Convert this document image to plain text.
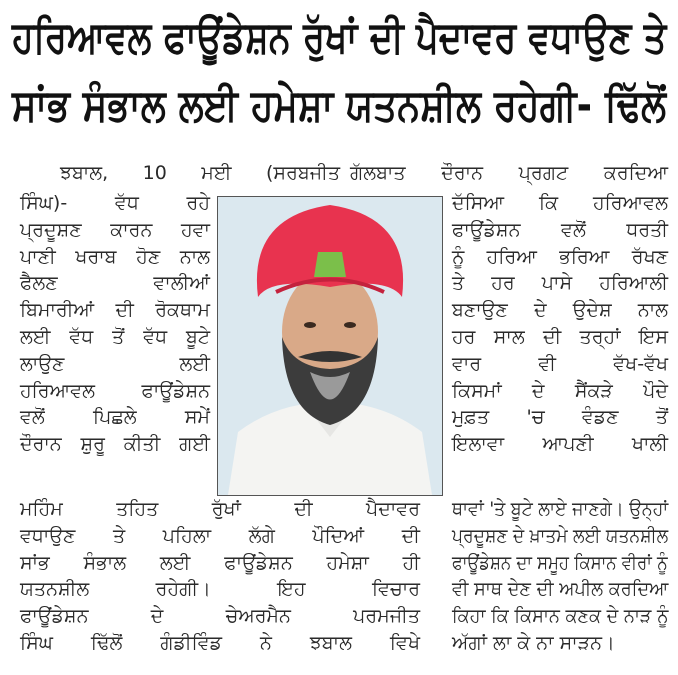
ਹਰਿਆਵਲ ਫਾਊਂਡੇਸ਼ਨ ਰੁੱਖਾਂ ਦੀ ਪੈਦਾਵਰ ਵਧਾਉਣ ਤੇ
ਸਾਂਭ ਸੰਭਾਲ ਲਈ ਹਮੇਸ਼ਾ ਯਤਨਸ਼ੀਲ ਰਹੇਗੀ- ਢਿੱਲੋਂ
ਝਬਾਲ, 10 ਮਈ (ਸਰਬਜੀਤ ਗੱਲਬਾਤ ਦੌਰਾਨ ਪ੍ਰਗਟ ਕਰਦਿਆ
ਸਿੰਘ)- ਵੱਧ ਰਹੇ
ਪ੍ਰਦੂਸ਼ਣ ਕਾਰਨ ਹਵਾ
ਪਾਣੀ ਖਰਾਬ ਹੋਣ ਨਾਲ
ਫੈਲਣ ਵਾਲੀਆਂ
ਬਿਮਾਰੀਆਂ ਦੀ ਰੋਕਥਾਮ
ਲਈ ਵੱਧ ਤੋਂ ਵੱਧ ਬੂਟੇ
ਲਾਉਣ ਲਈ
ਹਰਿਆਵਲ ਫਾਊਂਡੇਸ਼ਨ
ਵਲੋਂ ਪਿਛਲੇ ਸਮੇਂ
ਦੌਰਾਨ ਸ਼ੁਰੂ ਕੀਤੀ ਗਈ
ਦੱਸਿਆ ਕਿ ਹਰਿਆਵਲ
ਫਾਊਂਡੇਸ਼ਨ ਵਲੋਂ ਧਰਤੀ
ਨੂੰ ਹਰਿਆ ਭਰਿਆ ਰੱਖਣ
ਤੇ ਹਰ ਪਾਸੇ ਹਰਿਆਲੀ
ਬਣਾਉਣ ਦੇ ਉਦੇਸ਼ ਨਾਲ
ਹਰ ਸਾਲ ਦੀ ਤਰ੍ਹਾਂ ਇਸ
ਵਾਰ ਵੀ ਵੱਖ-ਵੱਖ
ਕਿਸਮਾਂ ਦੇ ਸੈਂਕੜੇ ਪੌਦੇ
ਮੁਫ਼ਤ 'ਚ ਵੰਡਣ ਤੋਂ
ਇਲਾਵਾ ਆਪਣੀ ਖਾਲੀ
ਮਹਿੰਮ ਤਹਿਤ ਰੁੱਖਾਂ ਦੀ ਪੈਦਾਵਰ
ਵਧਾਉਣ ਤੇ ਪਹਿਲਾ ਲੱਗੇ ਪੌਦਿਆਂ ਦੀ
ਸਾਂਭ ਸੰਭਾਲ ਲਈ ਫਾਊਂਡੇਸ਼ਨ ਹਮੇਸ਼ਾ ਹੀ
ਯਤਨਸ਼ੀਲ ਰਹੇਗੀ। ਇਹ ਵਿਚਾਰ
ਫਾਊਂਡੇਸ਼ਨ ਦੇ ਚੇਅਰਮੈਨ ਪਰਮਜੀਤ
ਸਿੰਘ ਢਿੱਲੋਂ ਗੰਡੀਵਿੰਡ ਨੇ ਝਬਾਲ ਵਿਖੇ
ਥਾਵਾਂ 'ਤੇ ਬੂਟੇ ਲਾਏ ਜਾਣਗੇ। ਉਨ੍ਹਾਂ
ਪ੍ਰਦੂਸ਼ਣ ਦੇ ਖ਼ਾਤਮੇ ਲਈ ਯਤਨਸ਼ੀਲ
ਫਾਊਂਡੇਸ਼ਨ ਦਾ ਸਮੂਹ ਕਿਸਾਨ ਵੀਰਾਂ ਨੂੰ
ਵੀ ਸਾਥ ਦੇਣ ਦੀ ਅਪੀਲ ਕਰਦਿਆ
ਕਿਹਾ ਕਿ ਕਿਸਾਨ ਕਣਕ ਦੇ ਨਾੜ ਨੂੰ
ਅੱਗਾਂ ਲਾ ਕੇ ਨਾ ਸਾੜਨ।
